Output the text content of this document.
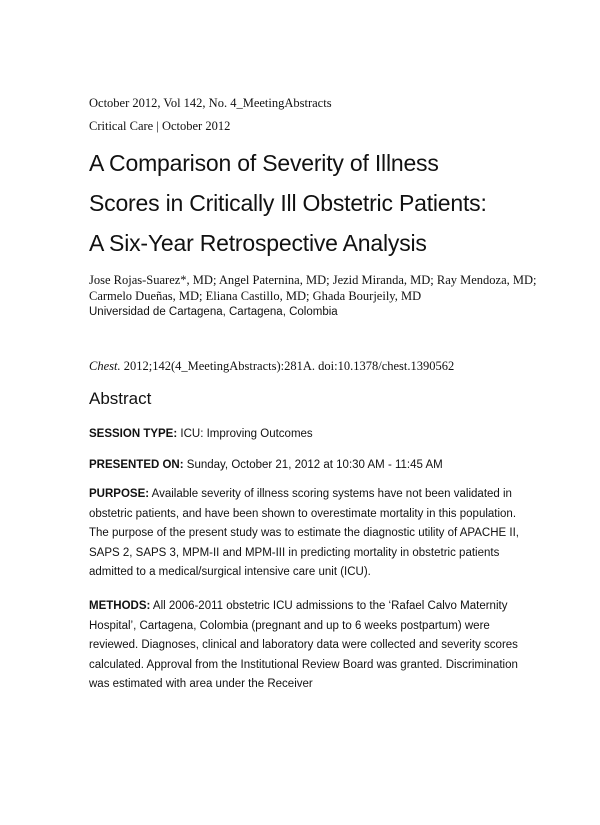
October 2012, Vol 142, No. 4_MeetingAbstracts
Critical Care | October 2012
A Comparison of Severity of Illness
Scores in Critically Ill Obstetric Patients:
A Six-Year Retrospective Analysis
Jose Rojas-Suarez*, MD; Angel Paternina, MD; Jezid Miranda, MD; Ray Mendoza, MD;
Carmelo Dueñas, MD; Eliana Castillo, MD; Ghada Bourjeily, MD
Universidad de Cartagena, Cartagena, Colombia
Chest. 2012;142(4_MeetingAbstracts):281A. doi:10.1378/chest.1390562
Abstract
SESSION TYPE: ICU: Improving Outcomes
PRESENTED ON: Sunday, October 21, 2012 at 10:30 AM - 11:45 AM
PURPOSE: Available severity of illness scoring systems have not been validated in obstetric patients, and have been shown to overestimate mortality in this population. The purpose of the present study was to estimate the diagnostic utility of APACHE II, SAPS 2, SAPS 3, MPM-II and MPM-III in predicting mortality in obstetric patients admitted to a medical/surgical intensive care unit (ICU).
METHODS: All 2006-2011 obstetric ICU admissions to the ‘Rafael Calvo Maternity Hospital’, Cartagena, Colombia (pregnant and up to 6 weeks postpartum) were reviewed. Diagnoses, clinical and laboratory data were collected and severity scores calculated. Approval from the Institutional Review Board was granted. Discrimination was estimated with area under the Receiver
